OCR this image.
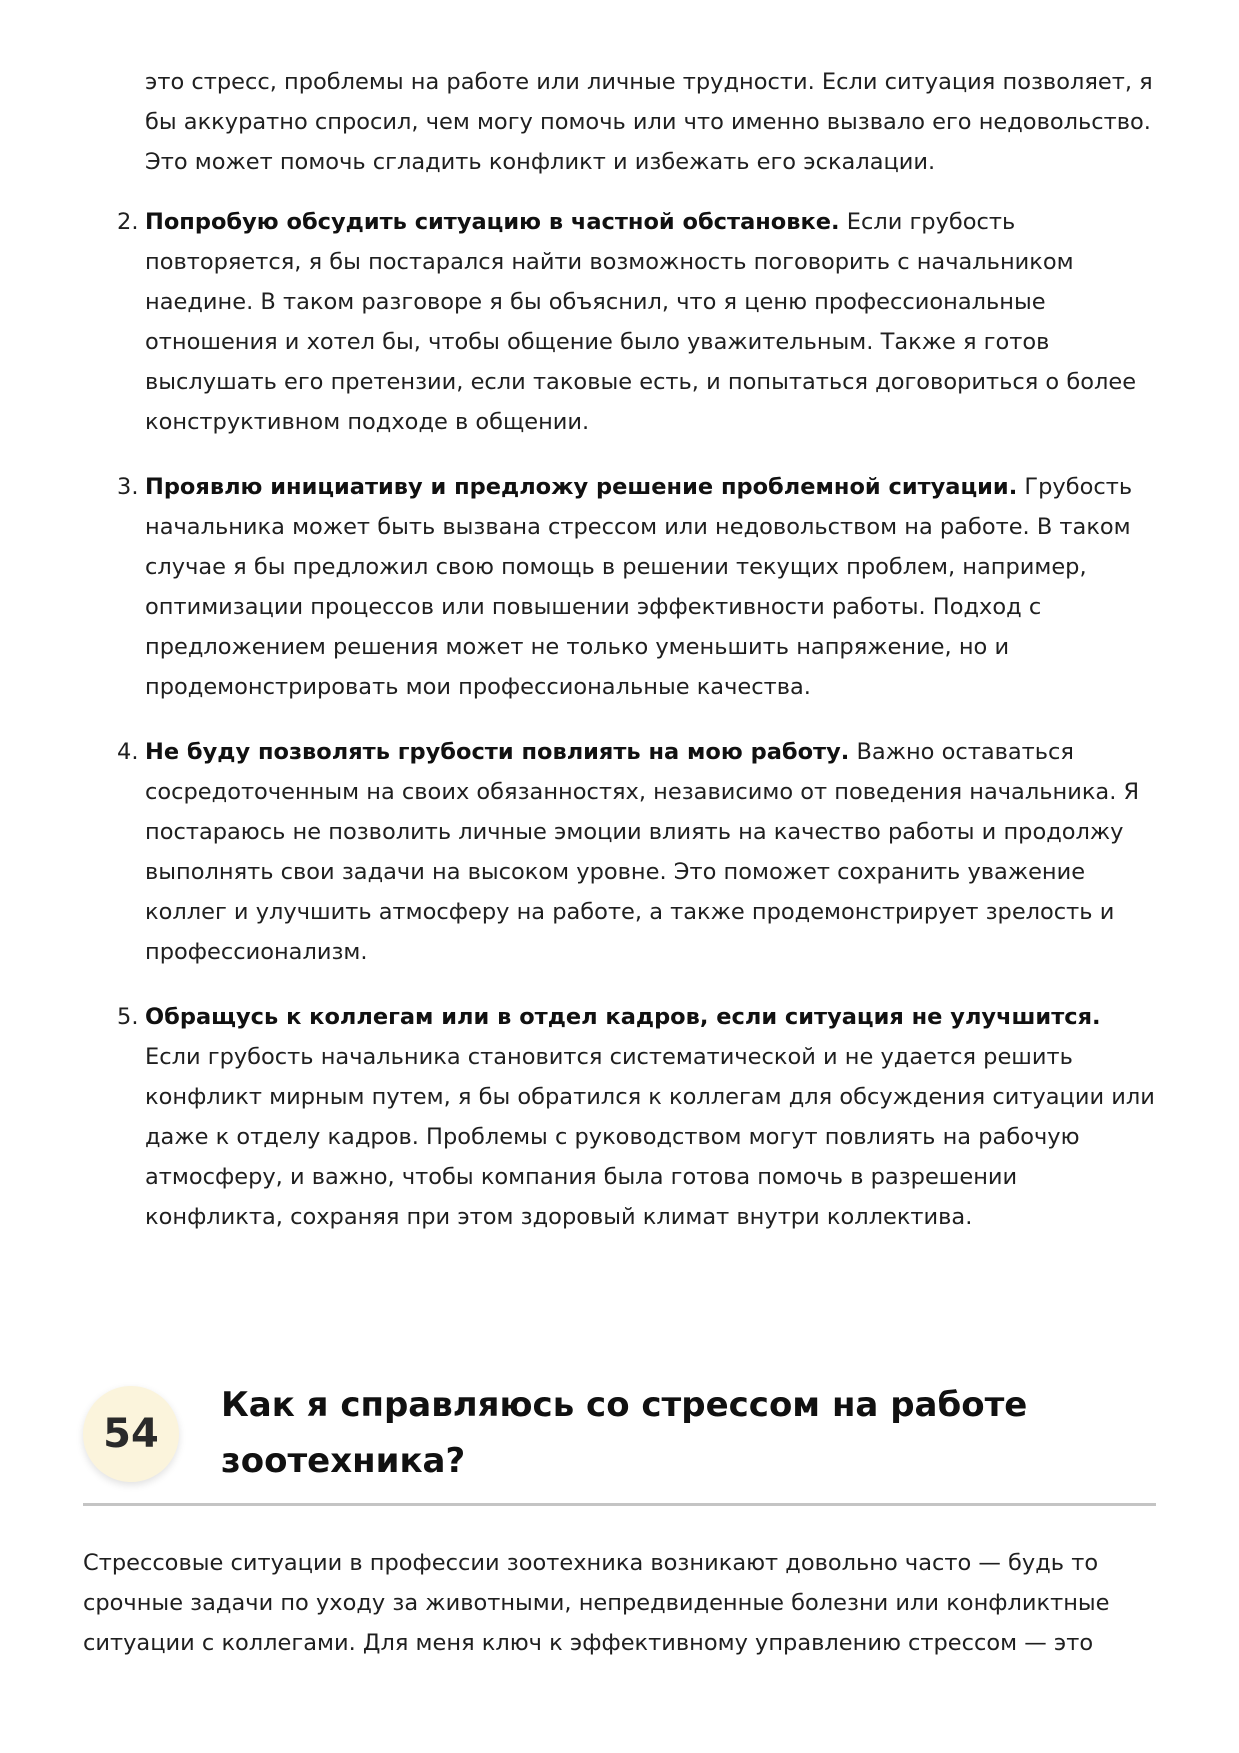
это стресс, проблемы на работе или личные трудности. Если ситуация позволяет, я бы аккуратно спросил, чем могу помочь или что именно вызвало его недовольство. Это может помочь сгладить конфликт и избежать его эскалации.

2. Попробую обсудить ситуацию в частной обстановке. Если грубость повторяется, я бы постарался найти возможность поговорить с начальником наедине. В таком разговоре я бы объяснил, что я ценю профессиональные отношения и хотел бы, чтобы общение было уважительным. Также я готов выслушать его претензии, если таковые есть, и попытаться договориться о более конструктивном подходе в общении.
3. Проявлю инициативу и предложу решение проблемной ситуации. Грубость начальника может быть вызвана стрессом или недовольством на работе. В таком случае я бы предложил свою помощь в решении текущих проблем, например, оптимизации процессов или повышении эффективности работы. Подход с предложением решения может не только уменьшить напряжение, но и продемонстрировать мои профессиональные качества.
4. Не буду позволять грубости повлиять на мою работу. Важно оставаться сосредоточенным на своих обязанностях, независимо от поведения начальника. Я постараюсь не позволить личные эмоции влиять на качество работы и продолжу выполнять свои задачи на высоком уровне. Это поможет сохранить уважение коллег и улучшить атмосферу на работе, а также продемонстрирует зрелость и профессионализм.
5. Обращусь к коллегам или в отдел кадров, если ситуация не улучшится. Если грубость начальника становится систематической и не удается решить конфликт мирным путем, я бы обратился к коллегам для обсуждения ситуации или даже к отделу кадров. Проблемы с руководством могут повлиять на рабочую атмосферу, и важно, чтобы компания была готова помочь в разрешении конфликта, сохраняя при этом здоровый климат внутри коллектива.
54
Как я справляюсь со стрессом на работе зоотехника?

Стрессовые ситуации в профессии зоотехника возникают довольно часто — будь то срочные задачи по уходу за животными, непредвиденные болезни или конфликтные ситуации с коллегами. Для меня ключ к эффективному управлению стрессом — это
